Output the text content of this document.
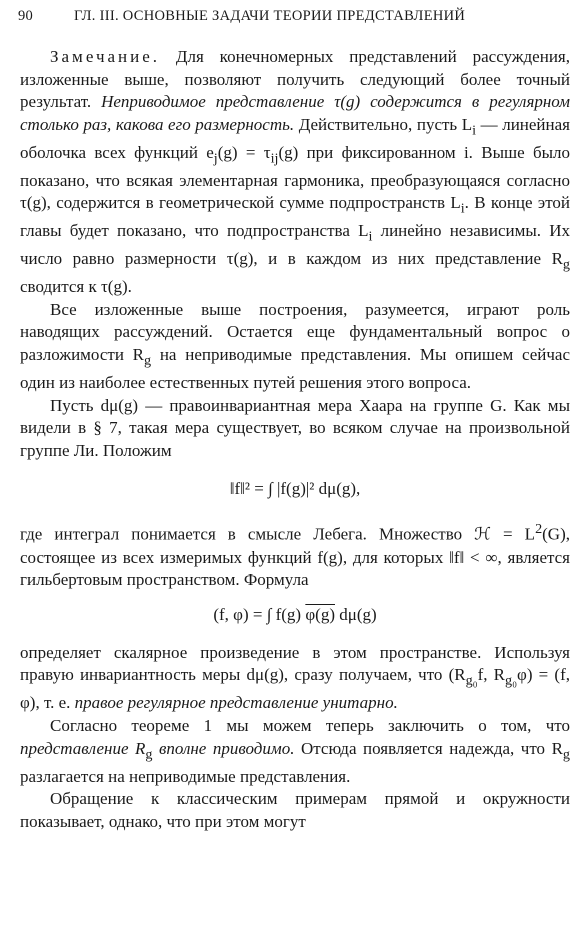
90	ГЛ. III. ОСНОВНЫЕ ЗАДАЧИ ТЕОРИИ ПРЕДСТАВЛЕНИЙ

Замечание. Для конечномерных представлений рассуждения, изложенные выше, позволяют получить следующий более точный результат. Неприводимое представление τ(g) содержится в регулярном столько раз, какова его размерность. Действительно, пусть $L_i$ — линейная оболочка всех функций $e_j(g) = \tau_{ij}(g)$ при фиксированном i. Выше было показано, что всякая элементарная гармоника, преобразующаяся согласно τ(g), содержится в геометрической сумме подпространств $L_i$. В конце этой главы будет показано, что подпространства $L_i$ линейно независимы. Их число равно размерности τ(g), и в каждом из них представление $R_g$ сводится к τ(g).

Все изложенные выше построения, разумеется, играют роль наводящих рассуждений. Остается еще фундаментальный вопрос о разложимости $R_g$ на неприводимые представления. Мы опишем сейчас один из наиболее естественных путей решения этого вопроса.

Пусть dμ(g) — правоинвариантная мера Хаара на группе G. Как мы видели в § 7, такая мера существует, во всяком случае на произвольной группе Ли. Положим

‖f‖² = ∫ |f(g)|² dμ(g),

где интеграл понимается в смысле Лебега. Множество ℋ = $L^2(G)$, состоящее из всех измеримых функций f(g), для которых ‖f‖ < ∞, является гильбертовым пространством. Формула

(f, φ) = ∫ f(g) φ(g) dμ(g)

определяет скалярное произведение в этом пространстве. Используя правую инвариантность меры dμ(g), сразу получаем, что ($R_{g_0}f$, $R_{g_0}\varphi) = (f$, φ), т. е. правое регулярное представление унитарно.

Согласно теореме 1 мы можем теперь заключить о том, что представление $R_g$ вполне приводимо. Отсюда появляется надежда, что $R_g$ разлагается на неприводимые представления.

Обращение к классическим примерам прямой и окружности показывает, однако, что при этом могут
